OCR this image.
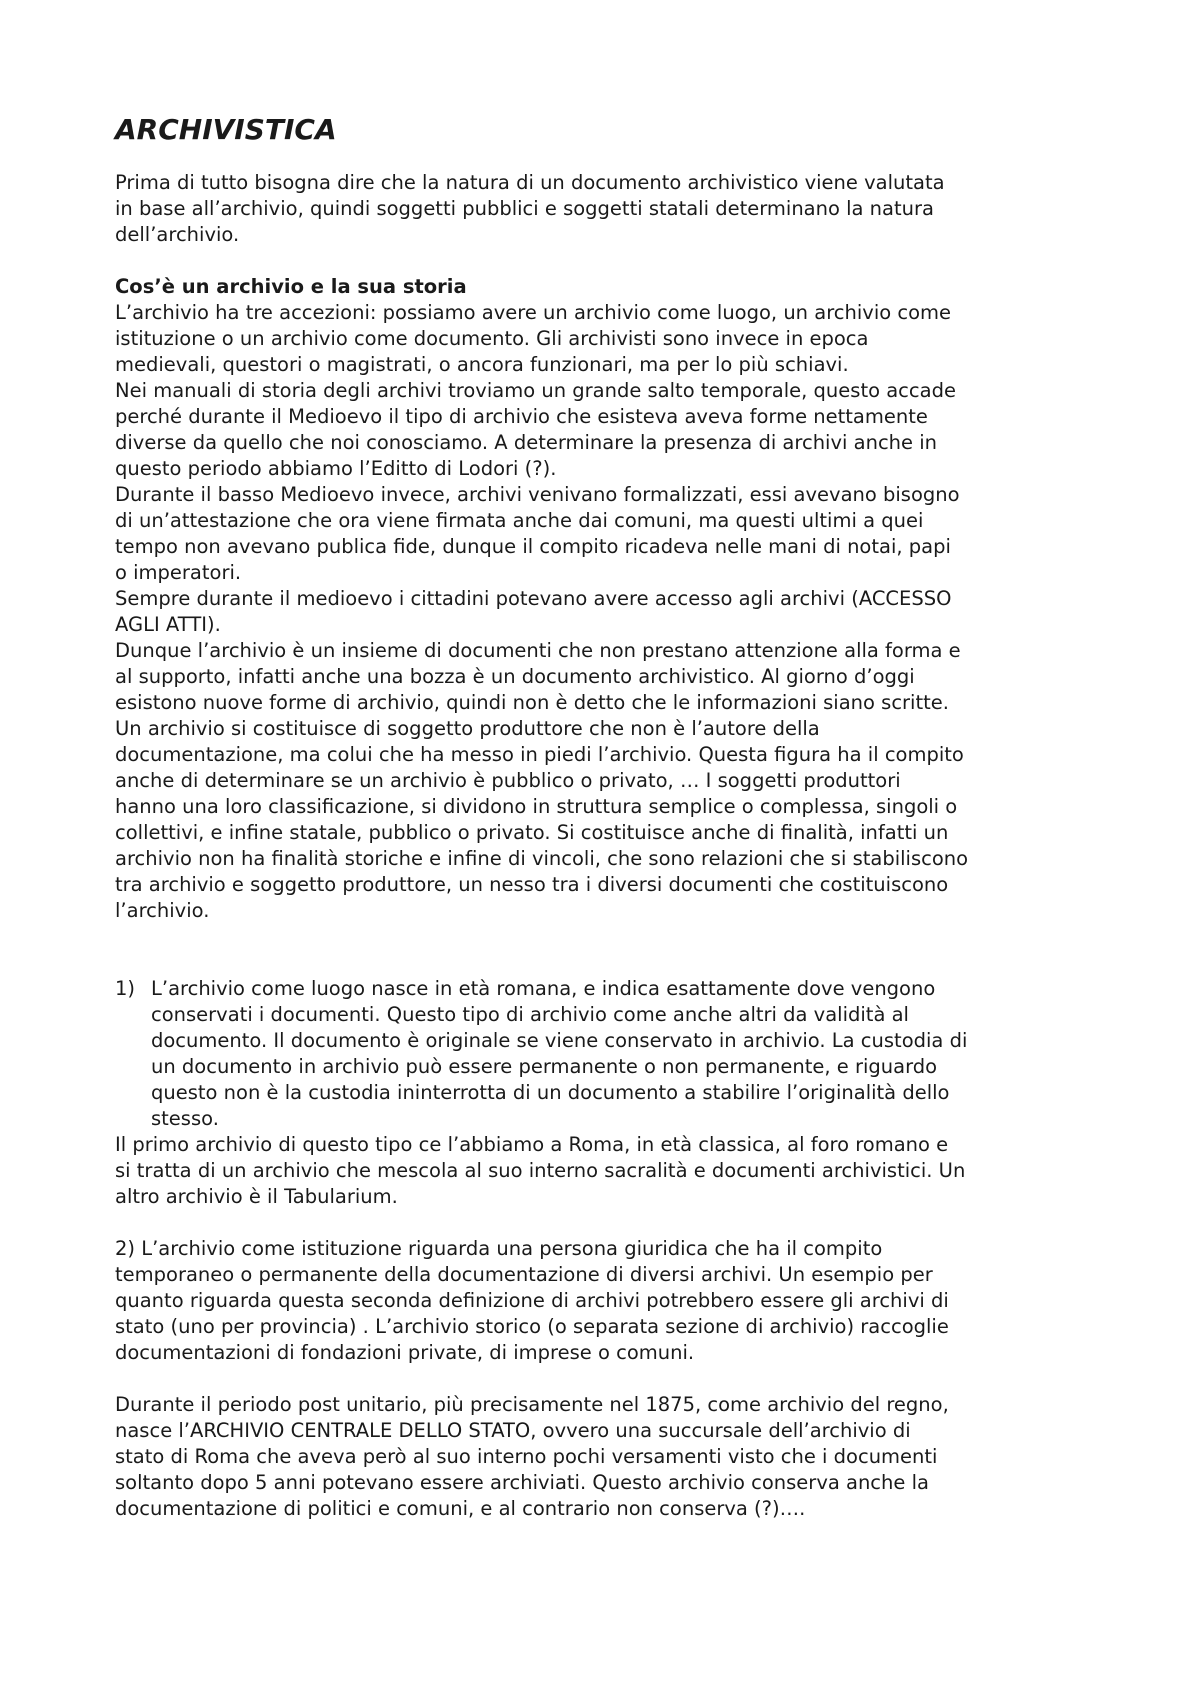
ARCHIVISTICA

Prima di tutto bisogna dire che la natura di un documento archivistico viene valutata
in base all’archivio, quindi soggetti pubblici e soggetti statali determinano la natura
dell’archivio.

Cos’è un archivio e la sua storia

L’archivio ha tre accezioni: possiamo avere un archivio come luogo, un archivio come
istituzione o un archivio come documento. Gli archivisti sono invece in epoca
medievali, questori o magistrati, o ancora funzionari, ma per lo più schiavi.
Nei manuali di storia degli archivi troviamo un grande salto temporale, questo accade
perché durante il Medioevo il tipo di archivio che esisteva aveva forme nettamente
diverse da quello che noi conosciamo. A determinare la presenza di archivi anche in
questo periodo abbiamo l’Editto di Lodori (?).
Durante il basso Medioevo invece, archivi venivano formalizzati, essi avevano bisogno
di un’attestazione che ora viene firmata anche dai comuni, ma questi ultimi a quei
tempo non avevano publica fide, dunque il compito ricadeva nelle mani di notai, papi
o imperatori.
Sempre durante il medioevo i cittadini potevano avere accesso agli archivi (ACCESSO
AGLI ATTI).
Dunque l’archivio è un insieme di documenti che non prestano attenzione alla forma e
al supporto, infatti anche una bozza è un documento archivistico. Al giorno d’oggi
esistono nuove forme di archivio, quindi non è detto che le informazioni siano scritte.
Un archivio si costituisce di soggetto produttore che non è l’autore della
documentazione, ma colui che ha messo in piedi l’archivio. Questa figura ha il compito
anche di determinare se un archivio è pubblico o privato, … I soggetti produttori
hanno una loro classificazione, si dividono in struttura semplice o complessa, singoli o
collettivi, e infine statale, pubblico o privato. Si costituisce anche di finalità, infatti un
archivio non ha finalità storiche e infine di vincoli, che sono relazioni che si stabiliscono
tra archivio e soggetto produttore, un nesso tra i diversi documenti che costituiscono
l’archivio.

1) L’archivio come luogo nasce in età romana, e indica esattamente dove vengono
conservati i documenti. Questo tipo di archivio come anche altri da validità al
documento. Il documento è originale se viene conservato in archivio. La custodia di
un documento in archivio può essere permanente o non permanente, e riguardo
questo non è la custodia ininterrotta di un documento a stabilire l’originalità dello
stesso.

Il primo archivio di questo tipo ce l’abbiamo a Roma, in età classica, al foro romano e
si tratta di un archivio che mescola al suo interno sacralità e documenti archivistici. Un
altro archivio è il Tabularium.

2) L’archivio come istituzione riguarda una persona giuridica che ha il compito
temporaneo o permanente della documentazione di diversi archivi. Un esempio per
quanto riguarda questa seconda definizione di archivi potrebbero essere gli archivi di
stato (uno per provincia) . L’archivio storico (o separata sezione di archivio) raccoglie
documentazioni di fondazioni private, di imprese o comuni.

Durante il periodo post unitario, più precisamente nel 1875, come archivio del regno,
nasce l’ARCHIVIO CENTRALE DELLO STATO, ovvero una succursale dell’archivio di
stato di Roma che aveva però al suo interno pochi versamenti visto che i documenti
soltanto dopo 5 anni potevano essere archiviati. Questo archivio conserva anche la
documentazione di politici e comuni, e al contrario non conserva (?)….
